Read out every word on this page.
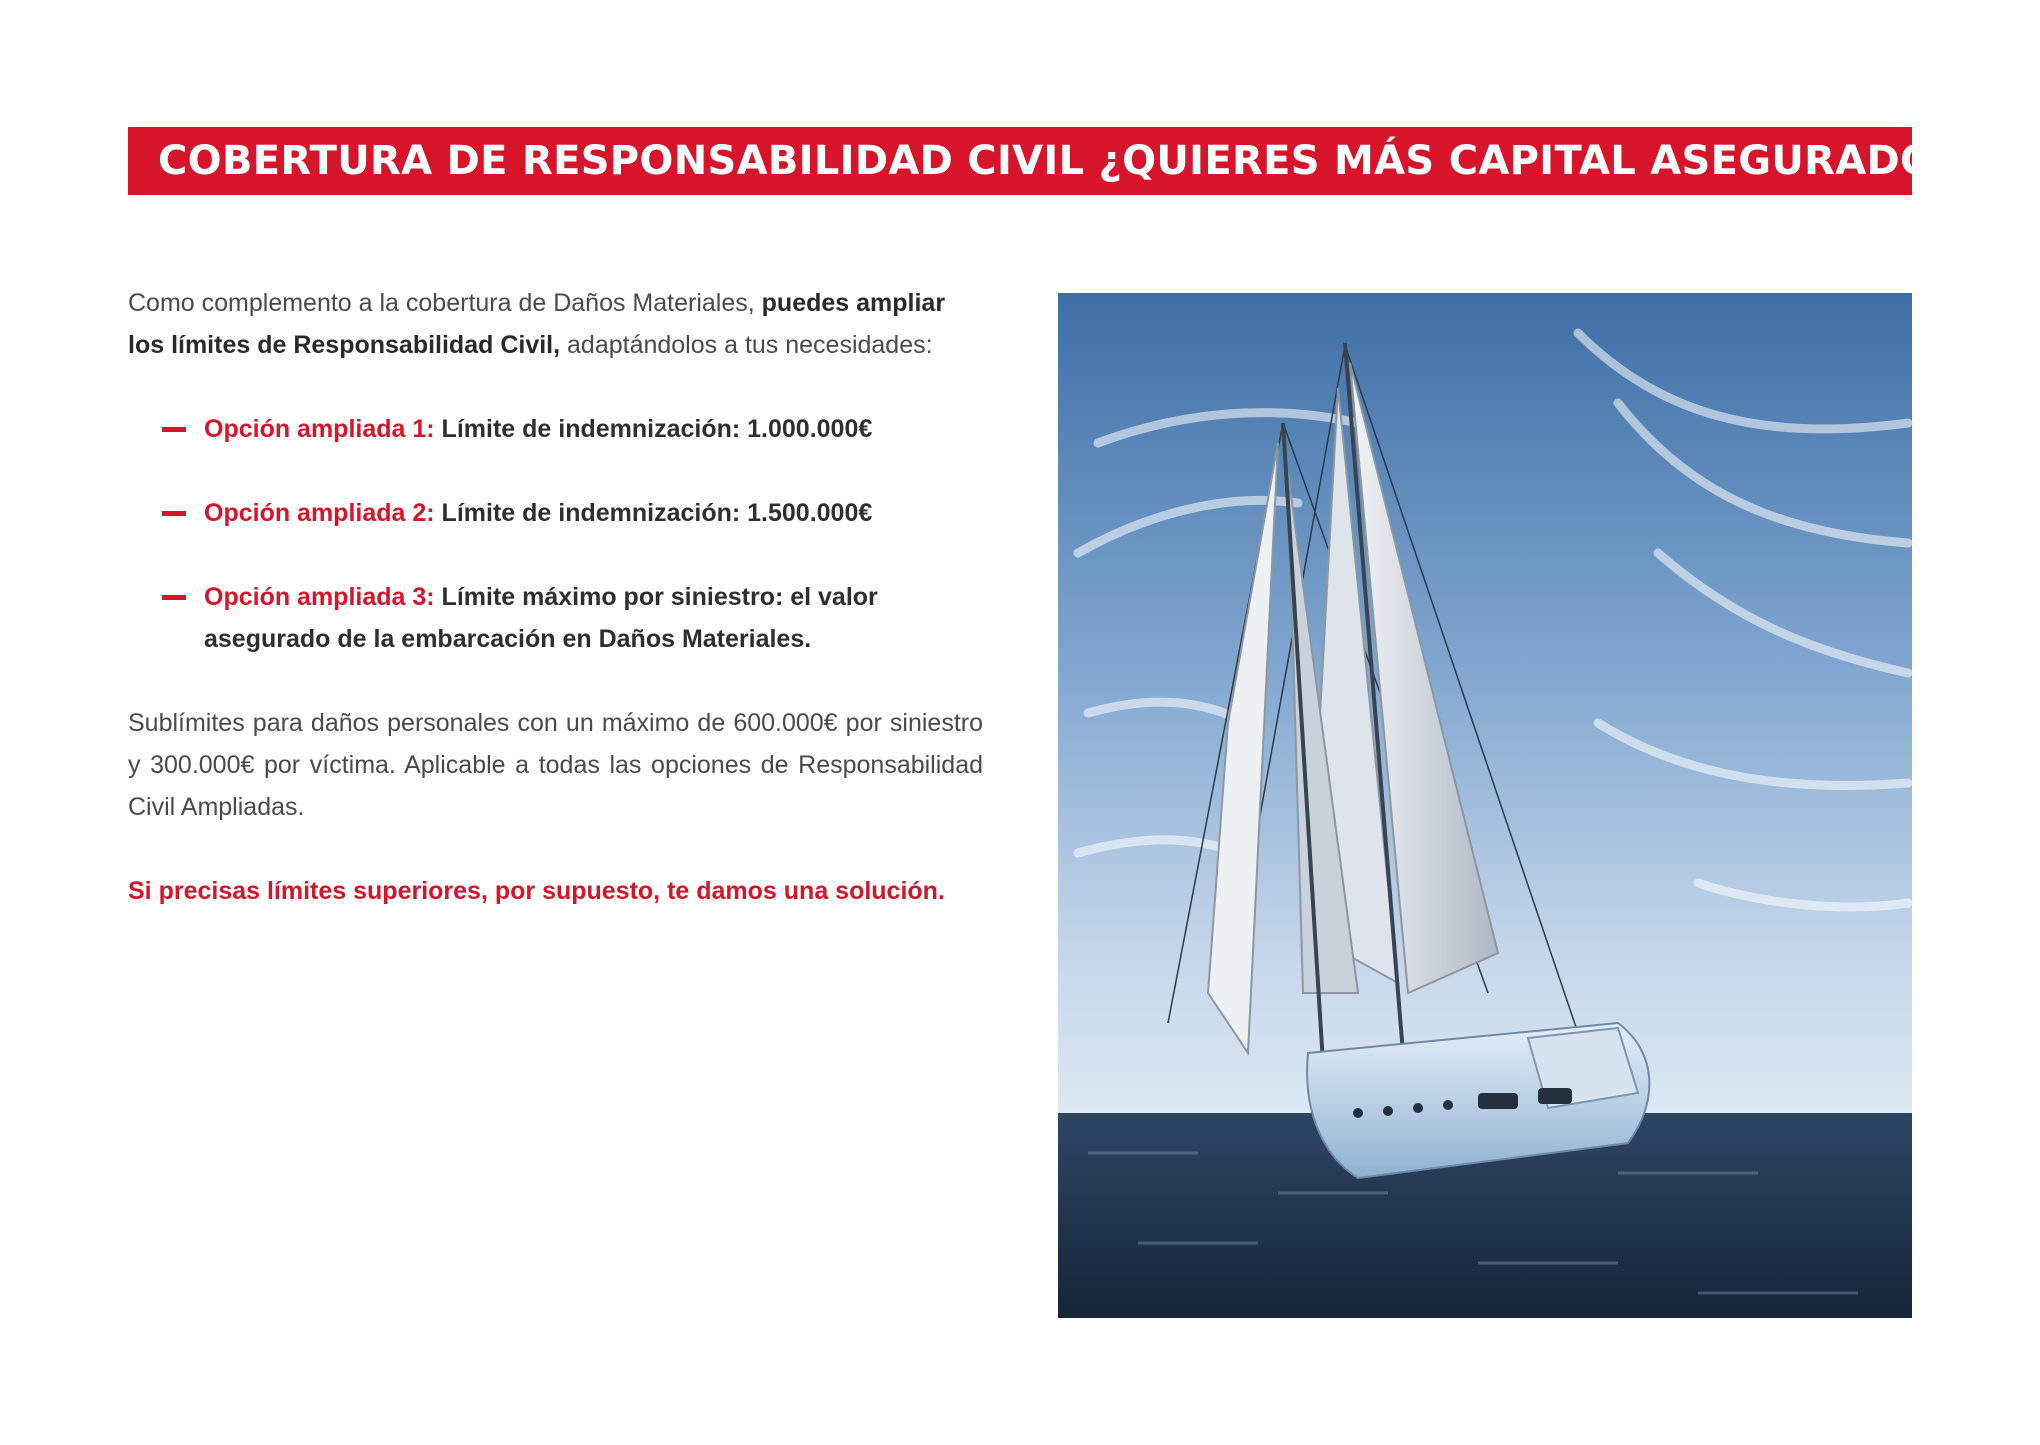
COBERTURA DE RESPONSABILIDAD CIVIL ¿QUIERES MÁS CAPITAL ASEGURADO?

Como complemento a la cobertura de Daños Materiales, puedes ampliar los límites de Responsabilidad Civil, adaptándolos a tus necesidades:

Opción ampliada 1: Límite de indemnización: 1.000.000€
Opción ampliada 2: Límite de indemnización: 1.500.000€
Opción ampliada 3: Límite máximo por siniestro: el valor asegurado de la embarcación en Daños Materiales.

Sublímites para daños personales con un máximo de 600.000€ por siniestro y 300.000€ por víctima. Aplicable a todas las opciones de Responsabilidad Civil Ampliadas.

Si precisas límites superiores, por supuesto, te damos una solución.
